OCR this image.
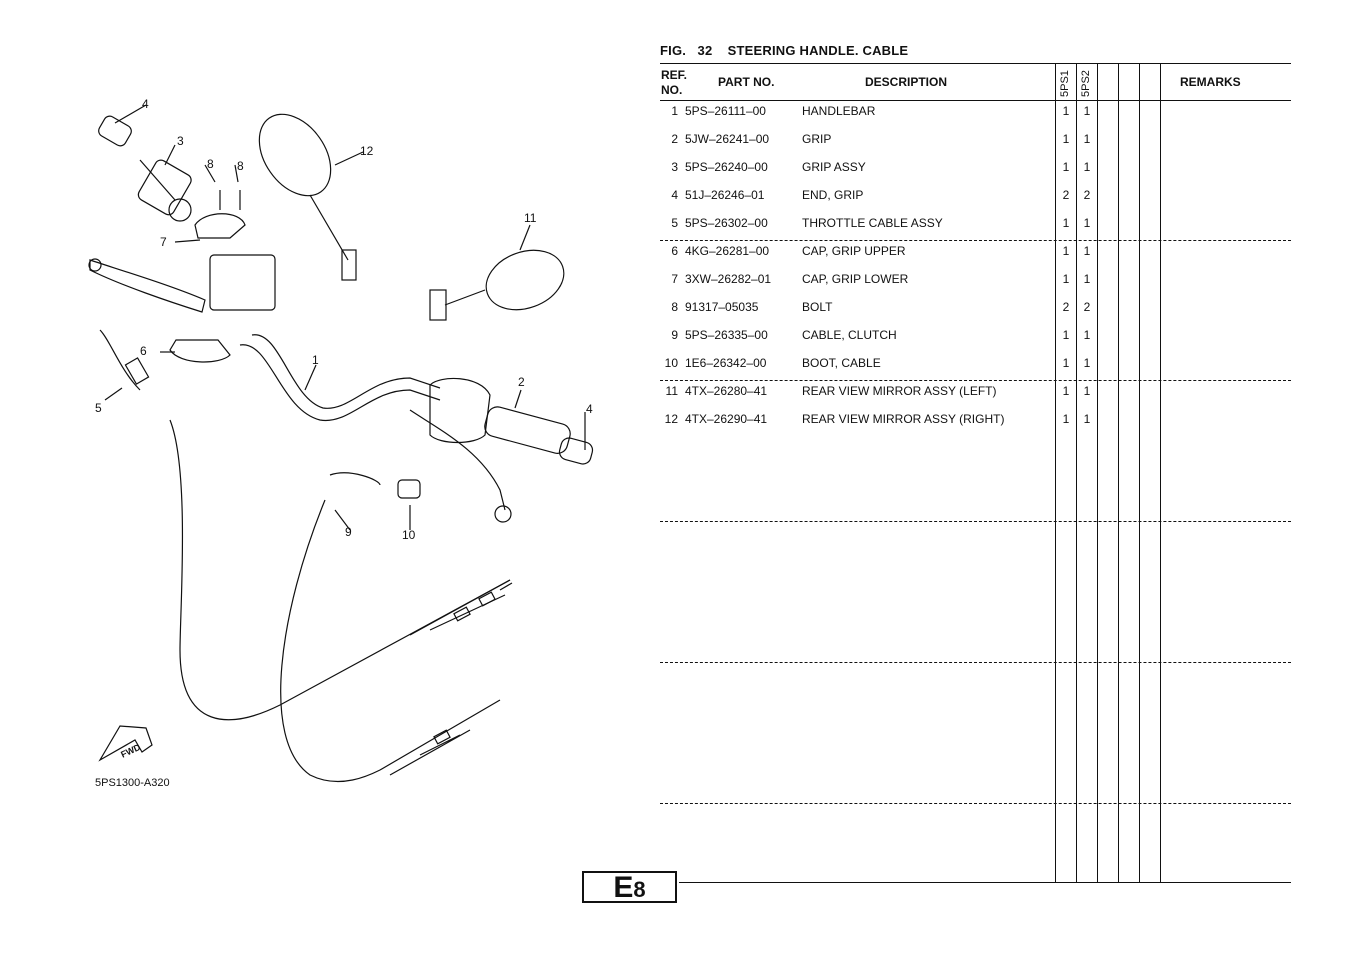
4
3
8 8
7
6
5
1
2
4
9	10
11
12
FWD
5PS1300-A320
FIG. 32 STEERING HANDLE. CABLE
REF.
NO.
PART NO.	DESCRIPTION	5PS1 5PS2	REMARKS
1 5PS–26111–00	HANDLEBAR	1	1
2 5JW–26241–00	GRIP	1	1
3 5PS–26240–00	GRIP ASSY	1	1
4 51J–26246–01	END, GRIP	2	2
5 5PS–26302–00	THROTTLE CABLE ASSY	1	1
6 4KG–26281–00	CAP, GRIP UPPER	1	1
7 3XW–26282–01	CAP, GRIP LOWER	1	1
8 91317–05035	BOLT	2	2
9 5PS–26335–00	CABLE, CLUTCH	1	1
10 1E6–26342–00	BOOT, CABLE	1	1
11 4TX–26280–41	REAR VIEW MIRROR ASSY (LEFT)	1	1
12 4TX–26290–41	REAR VIEW MIRROR ASSY (RIGHT)	1	1
E8
